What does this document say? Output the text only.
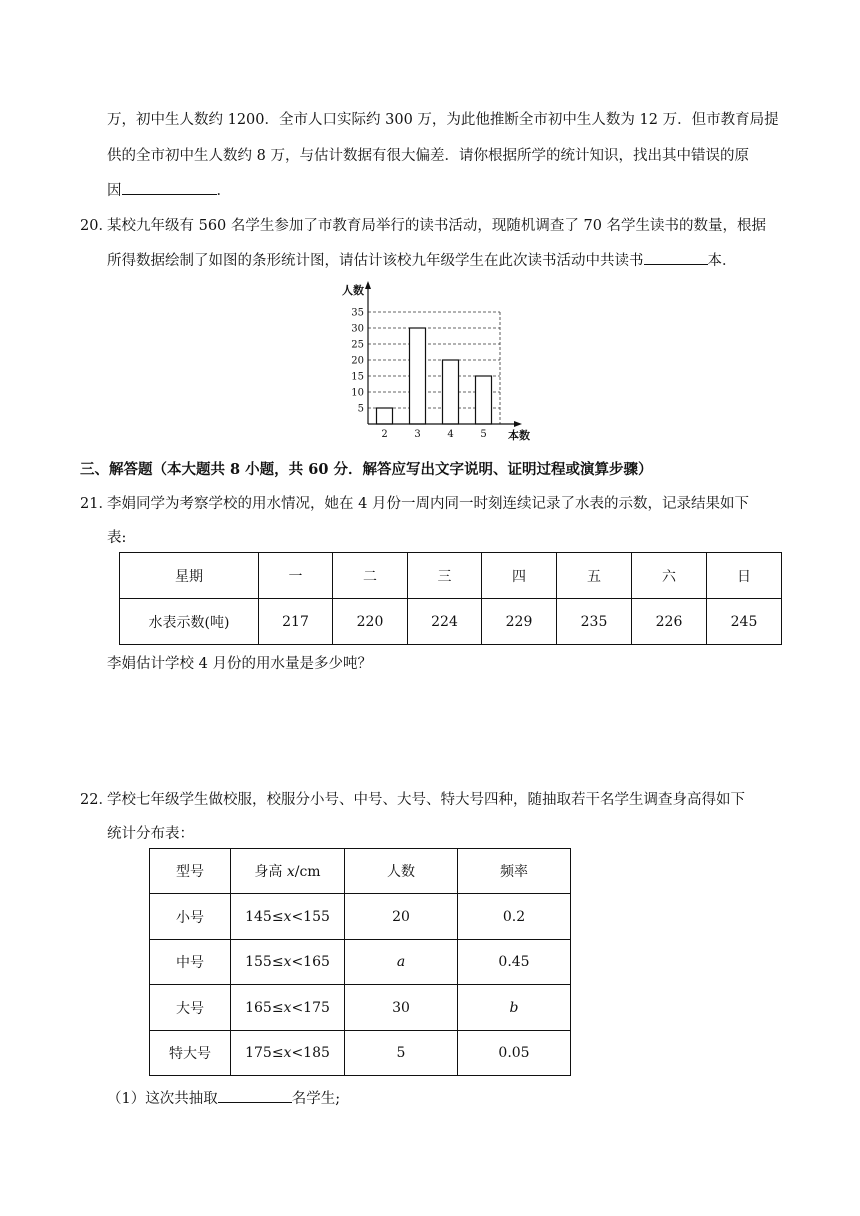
万，初中生人数约 1200．全市人口实际约 300 万，为此他推断全市初中生人数为 12 万．但市教育局提
供的全市初中生人数约 8 万，与估计数据有很大偏差．请你根据所学的统计知识，找出其中错误的原
因	．
20．
某校九年级有 560 名学生参加了市教育局举行的读书活动，现随机调查了 70 名学生读书的数量，根据
所得数据绘制了如图的条形统计图，请估计该校九年级学生在此次读书活动中共读书	本．
5
10
15
20
25
30
35
2	3	4	5
人数
本数
三、解答题（本大题共 8 小题，共 60 分．解答应写出文字说明、证明过程或演算步骤）
21．
李娟同学为考察学校的用水情况，她在 4 月份一周内同一时刻连续记录了水表的示数，记录结果如下
表:
星期	一	二	三	四	五	六	日
水表示数(吨)	217	220	224	229	235	226	245
李娟估计学校 4 月份的用水量是多少吨？
22．
学校七年级学生做校服，校服分小号、中号、大号、特大号四种，随抽取若干名学生调查身高得如下
统计分布表：
型号	身高 x/cm	人数	频率
小号	145≤x<155	20	0.2
中号	155≤x<165	a	0.45
大号	165≤x<175	30	b
特大号	175≤x<185	5	0.05
（1）这次共抽取	名学生;
